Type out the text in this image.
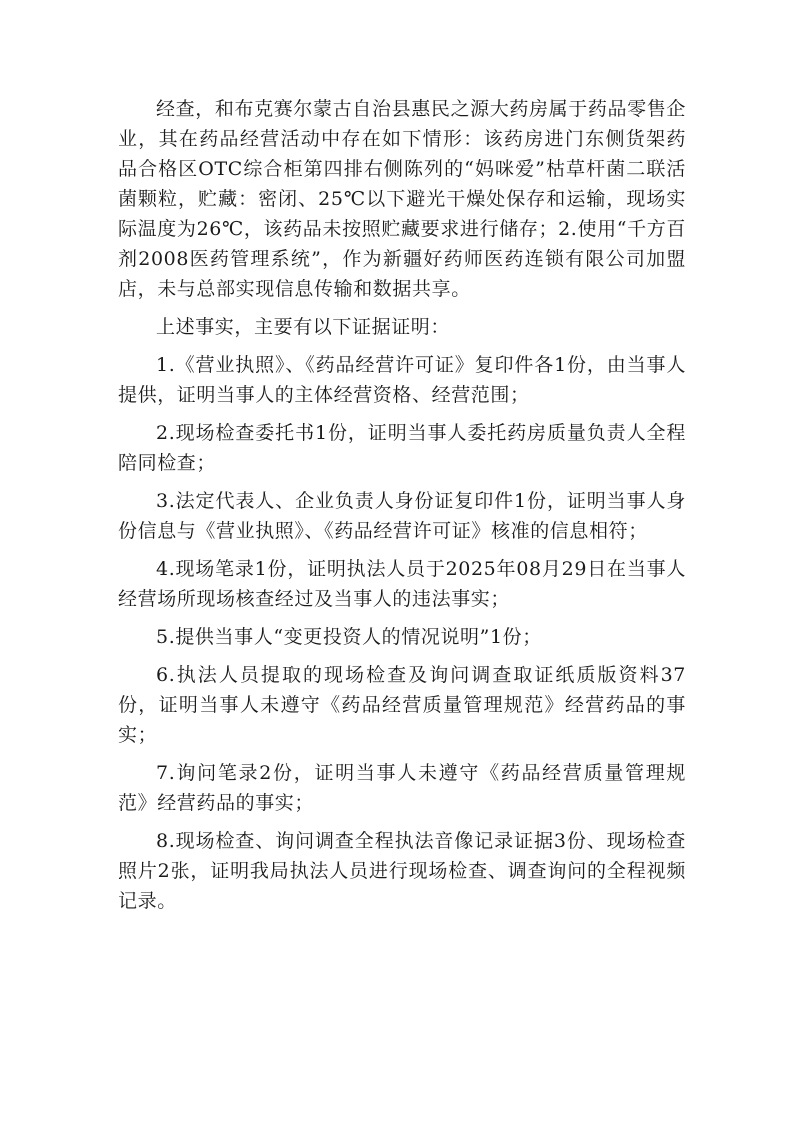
经查，和布克赛尔蒙古自治县惠民之源大药房属于药品零售企业，其在药品经营活动中存在如下情形：该药房进门东侧货架药品合格区OTC综合柜第四排右侧陈列的“妈咪爱”枯草杆菌二联活菌颗粒，贮藏：密闭、25℃以下避光干燥处保存和运输，现场实际温度为26℃，该药品未按照贮藏要求进行储存；2.使用“千方百剂2008医药管理系统”，作为新疆好药师医药连锁有限公司加盟店，未与总部实现信息传输和数据共享。

上述事实，主要有以下证据证明：

1.《营业执照》、《药品经营许可证》复印件各1份，由当事人提供，证明当事人的主体经营资格、经营范围；

2.现场检查委托书1份，证明当事人委托药房质量负责人全程陪同检查；

3.法定代表人、企业负责人身份证复印件1份，证明当事人身份信息与《营业执照》、《药品经营许可证》核准的信息相符；

4.现场笔录1份，证明执法人员于2025年08月29日在当事人经营场所现场核查经过及当事人的违法事实；

5.提供当事人“变更投资人的情况说明”1份；

6.执法人员提取的现场检查及询问调查取证纸质版资料37份，证明当事人未遵守《药品经营质量管理规范》经营药品的事实；

7.询问笔录2份，证明当事人未遵守《药品经营质量管理规范》经营药品的事实；

8.现场检查、询问调查全程执法音像记录证据3份、现场检查照片2张，证明我局执法人员进行现场检查、调查询问的全程视频记录。
